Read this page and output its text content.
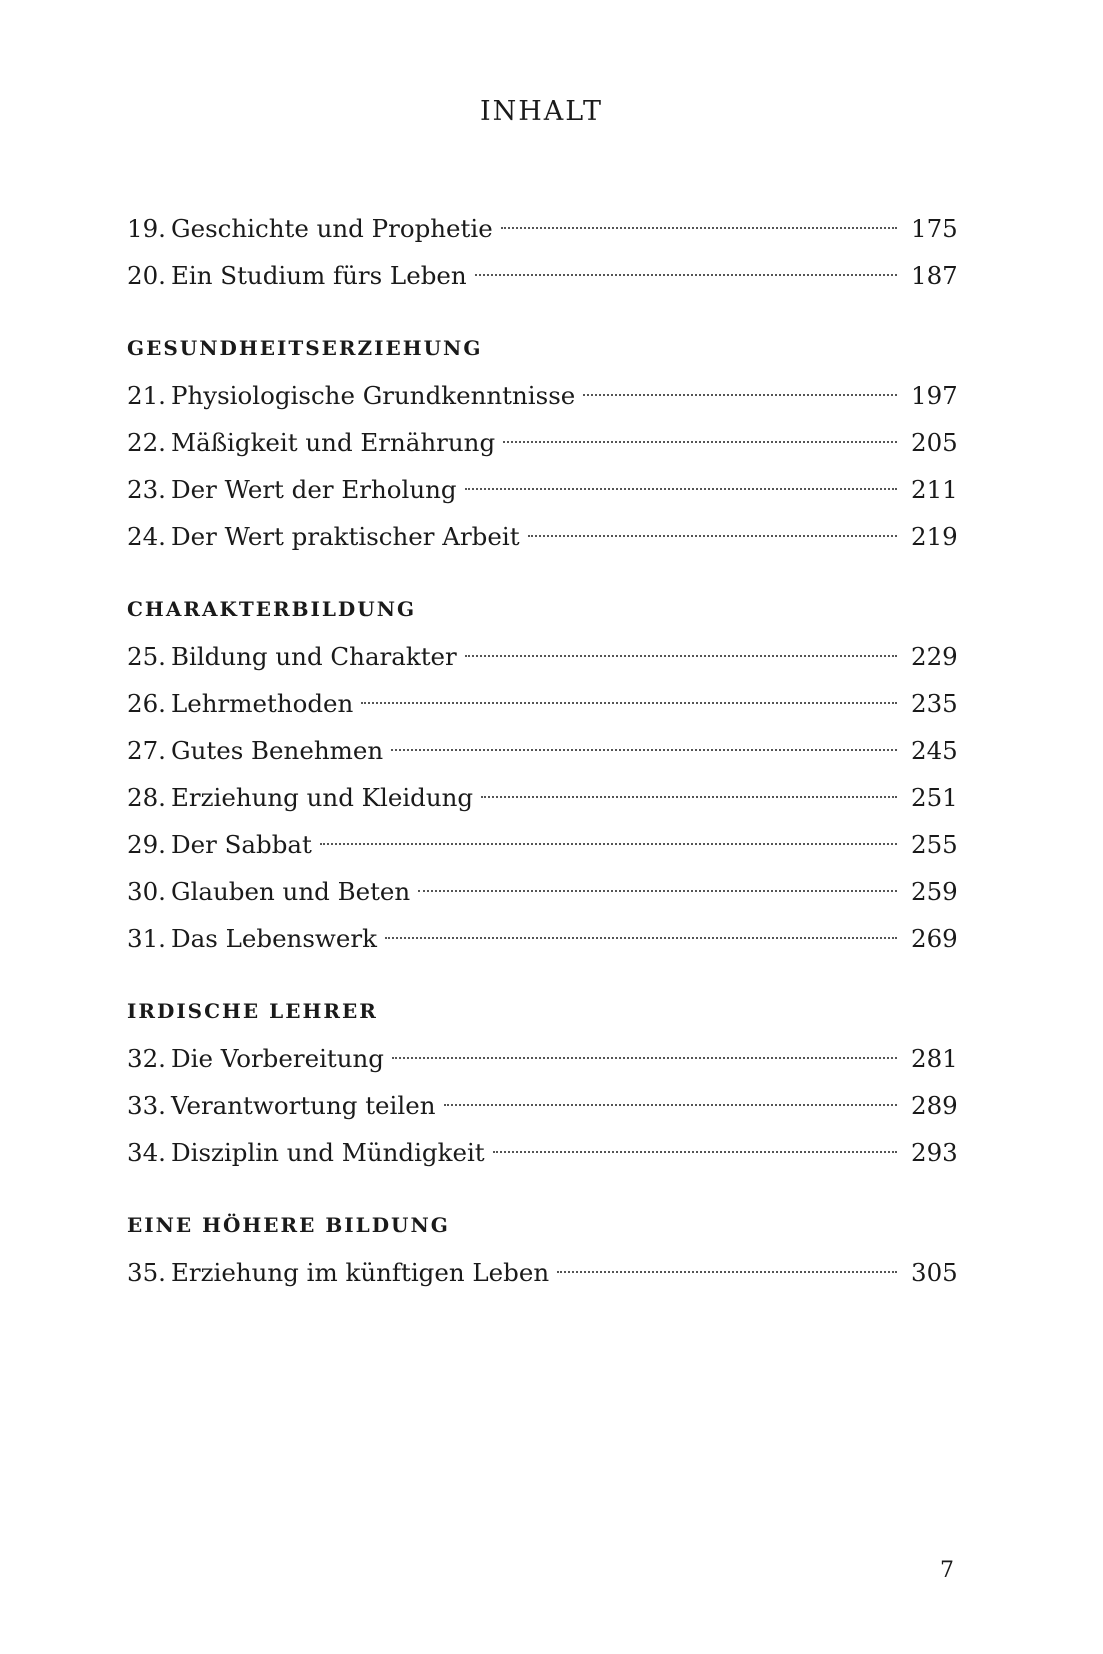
INHALT
19. Geschichte und Prophetie	175
20. Ein Studium fürs Leben	187
GESUNDHEITSERZIEHUNG
21. Physiologische Grundkenntnisse	197
22. Mäßigkeit und Ernährung	205
23. Der Wert der Erholung	211
24. Der Wert praktischer Arbeit	219
CHARAKTERBILDUNG
25. Bildung und Charakter	229
26. Lehrmethoden	235
27. Gutes Benehmen	245
28. Erziehung und Kleidung	251
29. Der Sabbat	255
30. Glauben und Beten	259
31. Das Lebenswerk	269
IRDISCHE LEHRER
32. Die Vorbereitung	281
33. Verantwortung teilen	289
34. Disziplin und Mündigkeit	293
EINE HÖHERE BILDUNG
35. Erziehung im künftigen Leben	305
7
